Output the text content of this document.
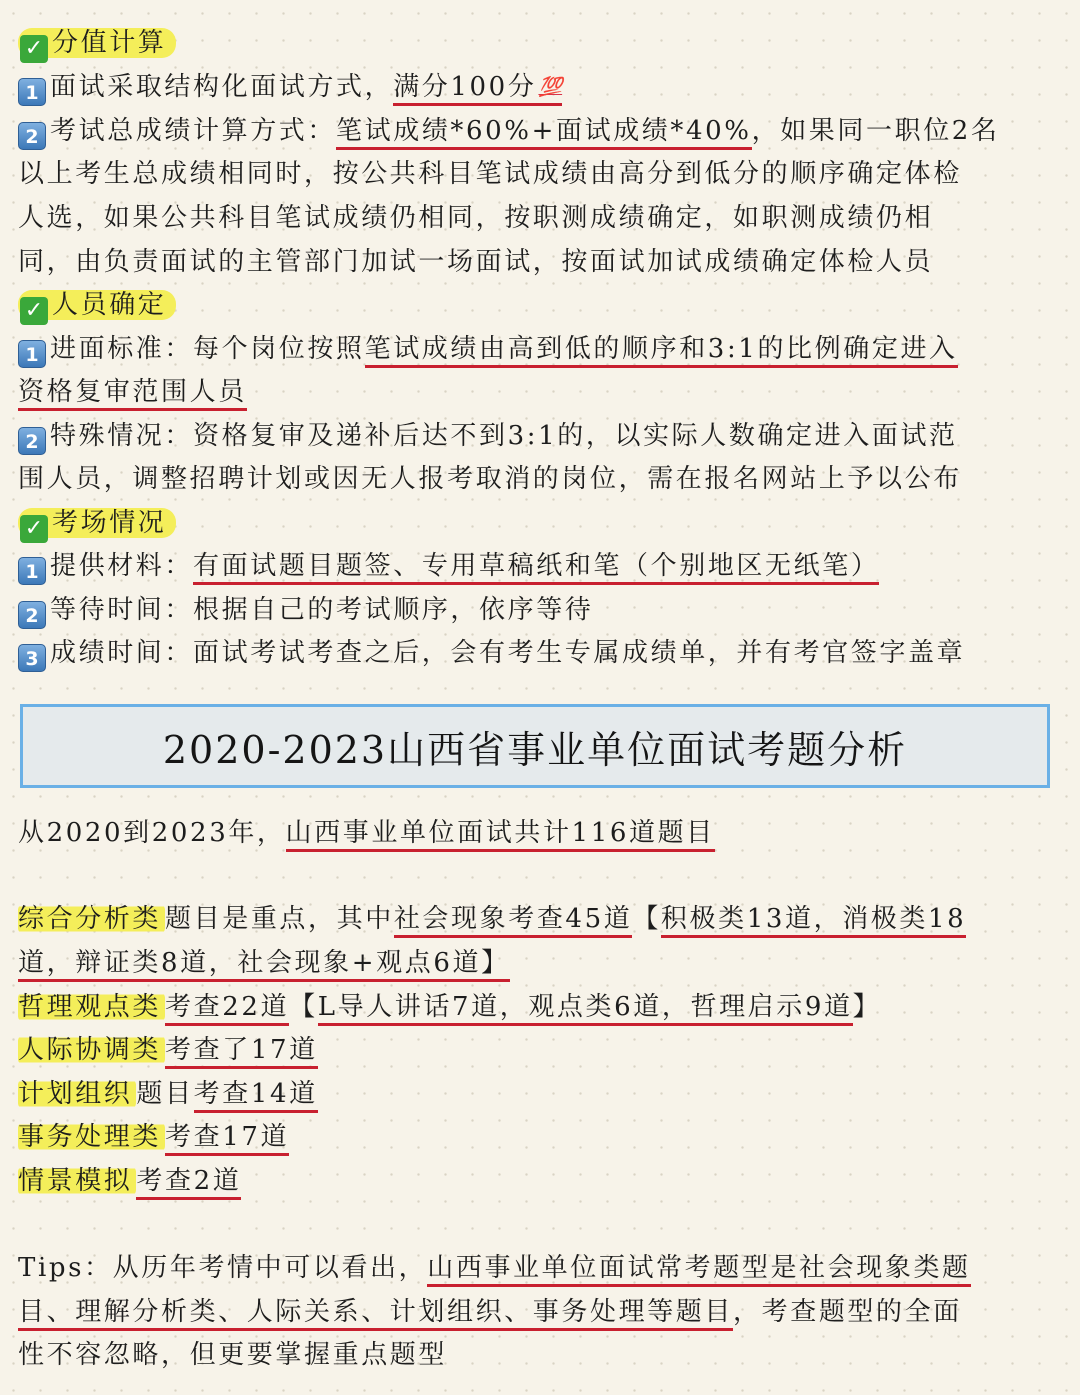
✓ 分值计算
1 面试采取结构化面试方式，满分100分 💯
2 考试总成绩计算方式：笔试成绩*60%+面试成绩*40%，如果同一职位2名
以上考生总成绩相同时，按公共科目笔试成绩由高分到低分的顺序确定体检
人选，如果公共科目笔试成绩仍相同，按职测成绩确定，如职测成绩仍相
同，由负责面试的主管部门加试一场面试，按面试加试成绩确定体检人员
✓ 人员确定
1 进面标准：每个岗位按照笔试成绩由高到低的顺序和3:1的比例确定进入
资格复审范围人员
2 特殊情况：资格复审及递补后达不到3:1的，以实际人数确定进入面试范
围人员，调整招聘计划或因无人报考取消的岗位，需在报名网站上予以公布
✓ 考场情况
1 提供材料：有面试题目题签、专用草稿纸和笔（个别地区无纸笔）
2 等待时间：根据自己的考试顺序，依序等待
3 成绩时间：面试考试考查之后，会有考生专属成绩单，并有考官签字盖章
2020-2023山西省事业单位面试考题分析
从2020到2023年，山西事业单位面试共计116道题目
综合分析类 题目是重点，其中社会现象考查45道【积极类13道，消极类18
道，辩证类8道，社会现象+观点6道】
哲理观点类 考查22道【L导人讲话7道，观点类6道，哲理启示9道】
人际协调类 考查了17道
计划组织 题目考查14道
事务处理类 考查17道
情景模拟 考查2道
Tips：从历年考情中可以看出，山西事业单位面试常考题型是社会现象类题
目、理解分析类、人际关系、计划组织、事务处理等题目，考查题型的全面
性不容忽略，但更要掌握重点题型
